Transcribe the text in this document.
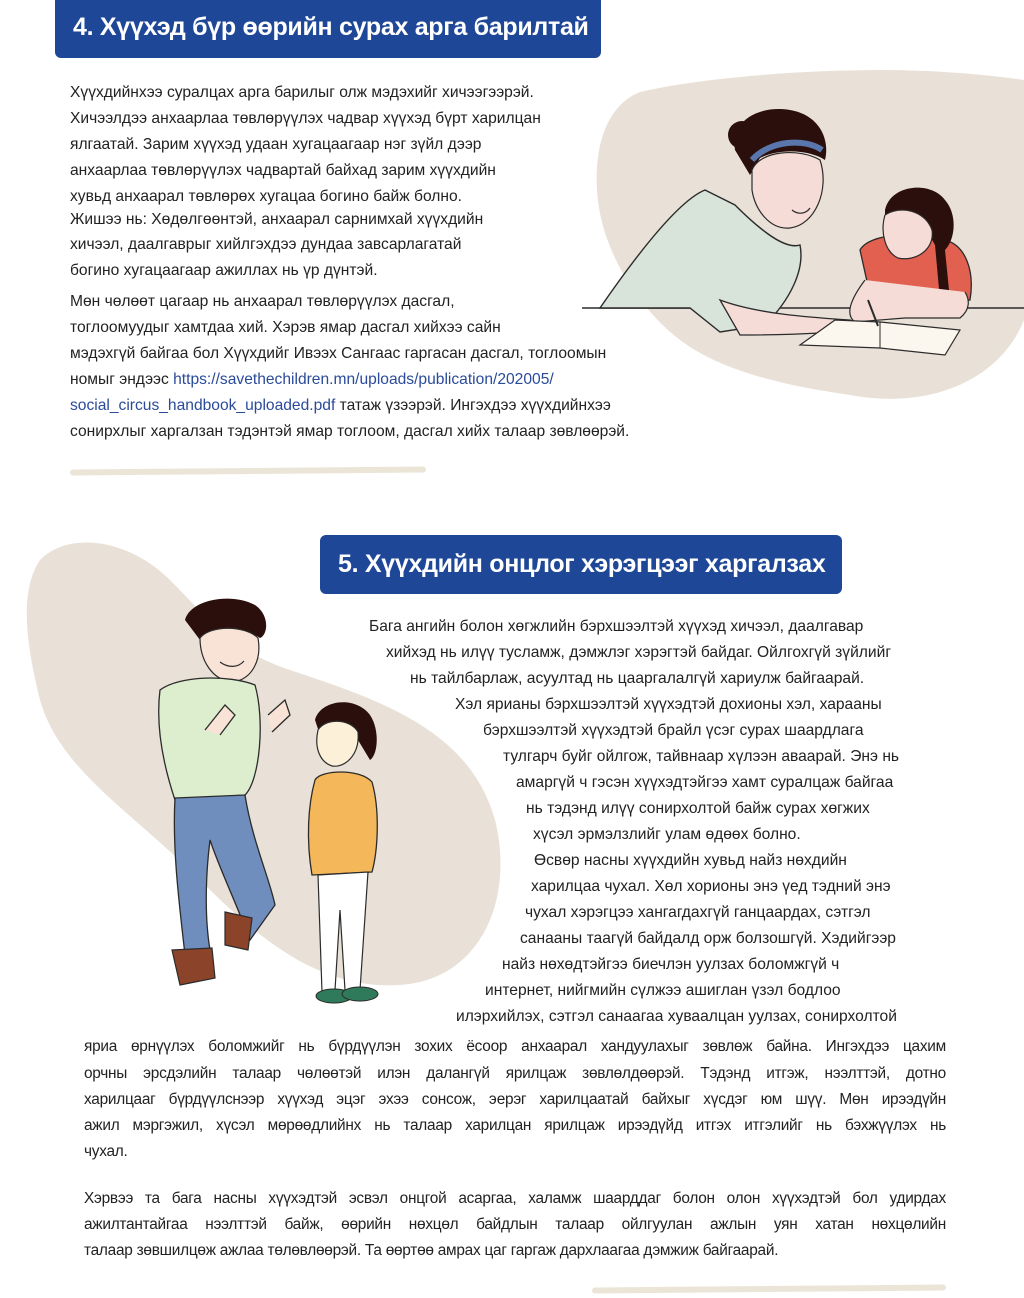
4. Хүүхэд бүр өөрийн сурах арга барилтай
Хүүхдийнхээ суралцах арга барилыг олж мэдэхийг хичээгээрэй.
Хичээлдээ анхаарлаа төвлөрүүлэх чадвар хүүхэд бүрт харилцан
ялгаатай. Зарим хүүхэд удаан хугацаагаар нэг зүйл дээр
анхаарлаа төвлөрүүлэх чадвартай байхад зарим хүүхдийн
хувьд анхаарал төвлөрөх хугацаа богино байж болно.
Жишээ нь: Хөдөлгөөнтэй, анхаарал сарнимхай хүүхдийн
хичээл, даалгаврыг хийлгэхдээ дундаа завсарлагатай
богино хугацаагаар ажиллах нь үр дүнтэй.
Мөн чөлөөт цагаар нь анхаарал төвлөрүүлэх дасгал,
тоглоомуудыг хамтдаа хий. Хэрэв ямар дасгал хийхээ сайн
мэдэхгүй байгаа бол Хүүхдийг Ивээх Сангаас гаргасан дасгал, тоглоомын
номыг эндээс https://savethechildren.mn/uploads/publication/202005/
social_circus_handbook_uploaded.pdf татаж үзээрэй. Ингэхдээ хүүхдийнхээ
сонирхлыг харгалзан тэдэнтэй ямар тоглоом, дасгал хийх талаар зөвлөөрэй.
5. Хүүхдийн онцлог хэрэгцээг харгалзах
Бага ангийн болон хөгжлийн бэрхшээлтэй хүүхэд хичээл, даалгавар
хийхэд нь илүү тусламж, дэмжлэг хэрэгтэй байдаг. Ойлгохгүй зүйлийг
нь тайлбарлаж, асуултад нь цааргалалгүй хариулж байгаарай.
Хэл ярианы бэрхшээлтэй хүүхэдтэй дохионы хэл, харааны
бэрхшээлтэй хүүхэдтэй брайл үсэг сурах шаардлага
тулгарч буйг ойлгож, тайвнаар хүлээн аваарай. Энэ нь
амаргүй ч гэсэн хүүхэдтэйгээ хамт суралцаж байгаа
нь тэдэнд илүү сонирхолтой байж сурах хөгжих
хүсэл эрмэлзлийг улам өдөөх болно.
Өсвөр насны хүүхдийн хувьд найз нөхдийн
харилцаа чухал. Хөл хорионы энэ үед тэдний энэ
чухал хэрэгцээ хангагдахгүй ганцаардах, сэтгэл
санааны таагүй байдалд орж болзошгүй. Хэдийгээр
найз нөхөдтэйгээ биечлэн уулзах боломжгүй ч
интернет, нийгмийн сүлжээ ашиглан үзэл бодлоо
илэрхийлэх, сэтгэл санаагаа хуваалцан уулзах, сонирхолтой
яриа өрнүүлэх боломжийг нь бүрдүүлэн зохих ёсоор анхаарал хандуулахыг зөвлөж байна. Ингэхдээ цахим
орчны эрсдэлийн талаар чөлөөтэй илэн далангүй ярилцаж зөвлөлдөөрэй. Тэдэнд итгэж, нээлттэй, дотно
харилцааг бүрдүүлснээр хүүхэд эцэг эхээ сонсож, эерэг харилцаатай байхыг хүсдэг юм шүү. Мөн ирээдүйн
ажил мэргэжил, хүсэл мөрөөдлийнх нь талаар харилцан ярилцаж ирээдүйд итгэх итгэлийг нь бэхжүүлэх нь
чухал.
Хэрвээ та бага насны хүүхэдтэй эсвэл онцгой асаргаа, халамж шаарддаг болон олон хүүхэдтэй бол удирдах
ажилтантайгаа нээлттэй байж, өөрийн нөхцөл байдлын талаар ойлгуулан ажлын уян хатан нөхцөлийн
талаар зөвшилцөж ажлаа төлөвлөөрэй. Та өөртөө амрах цаг гаргаж дархлаагаа дэмжиж байгаарай.
